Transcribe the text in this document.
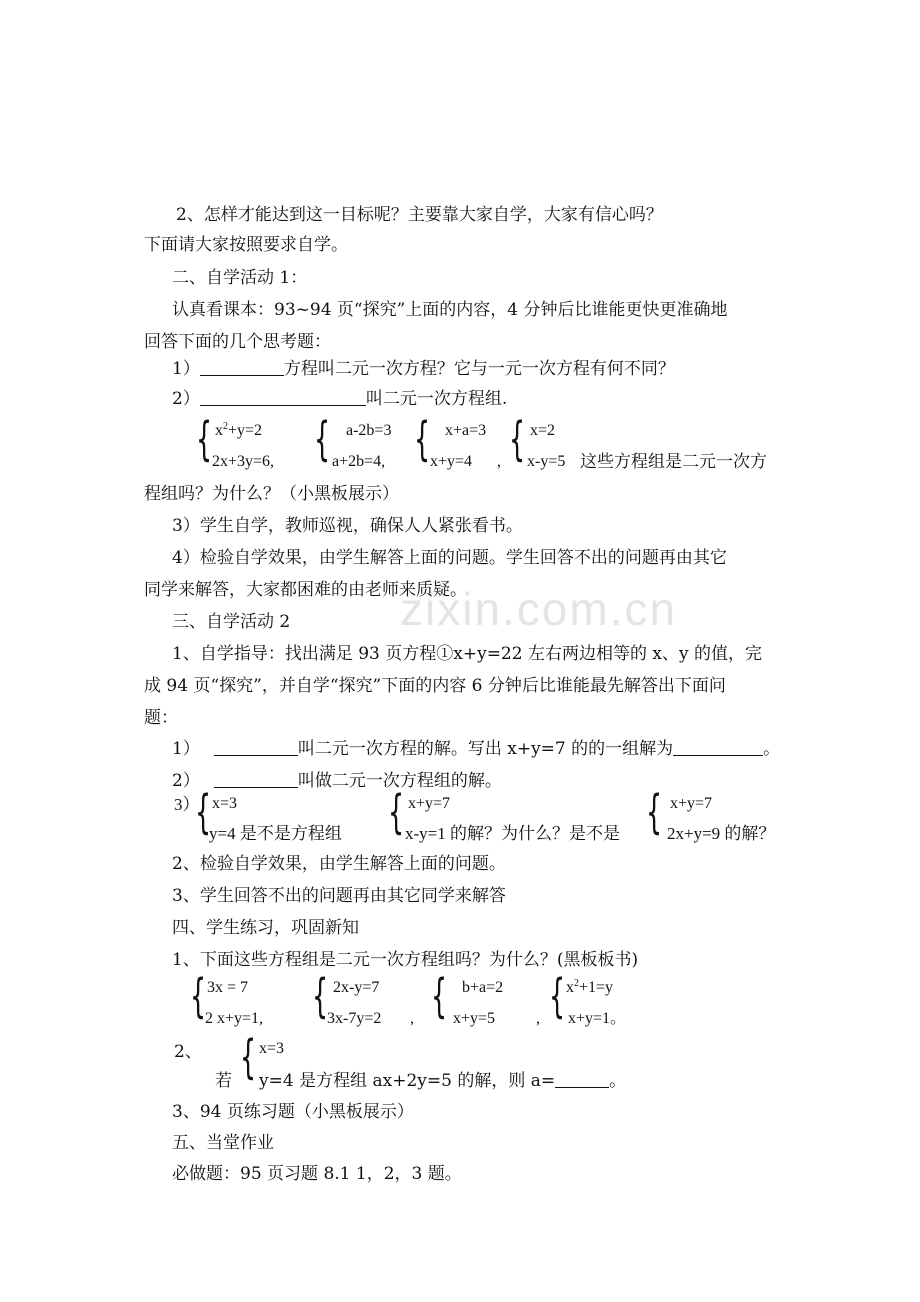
zixin.com.cn
2、怎样才能达到这一目标呢？主要靠大家自学，大家有信心吗？
下面请大家按照要求自学。
二、自学活动 1：
认真看课本：93~94 页“探究”上面的内容，4 分钟后比谁能更快更准确地
回答下面的几个思考题：
1）	方程叫二元一次方程？它与一元一次方程有何不同？
2）	叫二元一次方程组.
{ $x^2+y=2$
2x+3y=6, { a-2b=3
a+2b=4, { x+a=3
x+y=4 , { x=2
x-y=5 这些方程组是二元一次方
程组吗？为什么？（小黑板展示）
3）学生自学，教师巡视，确保人人紧张看书。
4）检验自学效果，由学生解答上面的问题。学生回答不出的问题再由其它
同学来解答，大家都困难的由老师来质疑。
三、自学活动 2
1、自学指导：找出满足 93 页方程①x+y=22 左右两边相等的 x、y 的值，完
成 94 页“探究”，并自学“探究”下面的内容 6 分钟后比谁能最先解答出下面问
题：
1）	叫二元一次方程的解。写出 x+y=7 的的一组解为	。
2）	叫做二元一次方程组的解。
3）
{ x=3
y=4 是不是方程组 { x+y=7
x-y=1 的解？为什么？是不是 { x+y=7
2x+y=9 的解？
2、检验自学效果，由学生解答上面的问题。
3、学生回答不出的问题再由其它同学来解答
四、学生练习，巩固新知
1、下面这些方程组是二元一次方程组吗？为什么？(黑板板书)
{ 3x = 7
2 x+y=1, { 2x-y=7
3x-7y=2 , { b+a=2
x+y=5	, { $x^2+1=y$
x+y=1。
2、 { x=3
若 y=4 是方程组 ax+2y=5 的解，则 a=	。
3、94 页练习题（小黑板展示）
五、当堂作业
必做题：95 页习题 8.1 1，2，3 题。
